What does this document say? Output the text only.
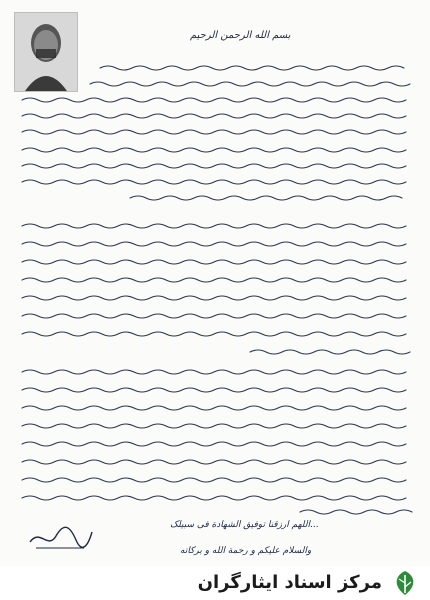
بسم الله الرحمن الرحیم
...اللهم ارزقنا توفیق الشهادة فی سبیلک
والسلام علیکم و رحمة الله و برکاته
مرکز اسناد ایثارگران
